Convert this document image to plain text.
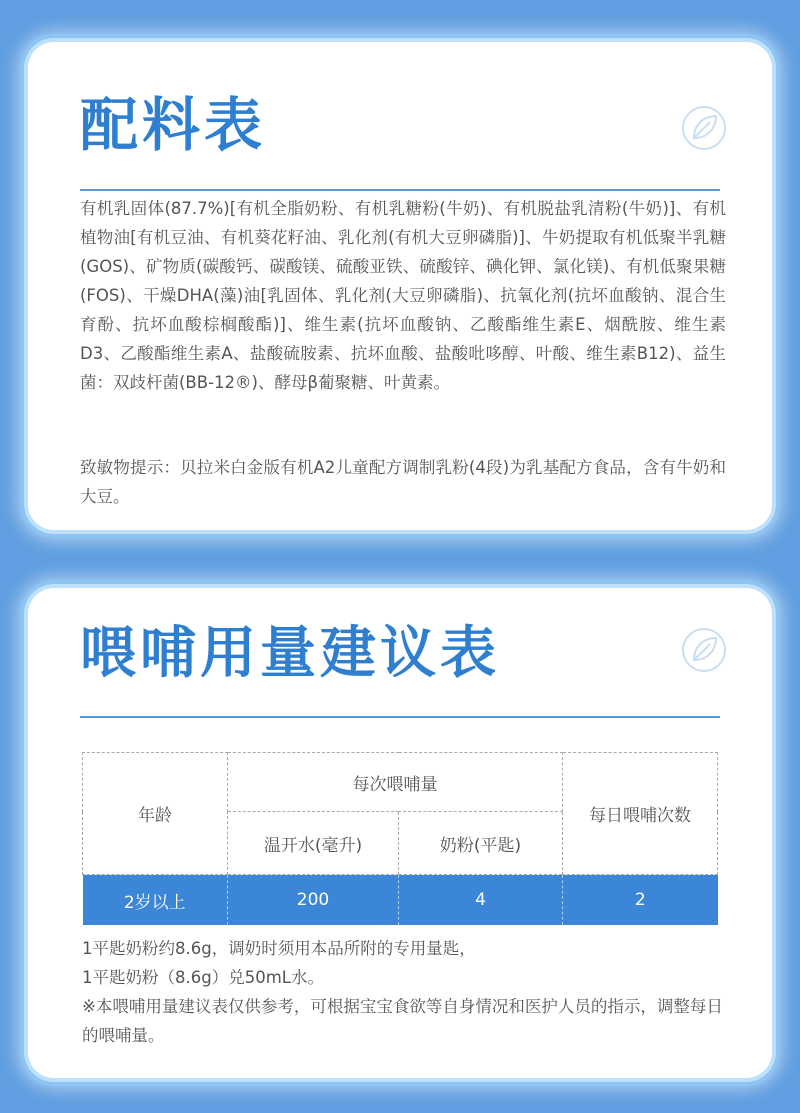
配料表

有机乳固体(87.7%)[有机全脂奶粉、有机乳糖粉(牛奶)、有机脱盐乳清粉(牛奶)]、有机植物油[有机豆油、有机葵花籽油、乳化剂(有机大豆卵磷脂)]、牛奶提取有机低聚半乳糖(GOS)、矿物质(碳酸钙、碳酸镁、硫酸亚铁、硫酸锌、碘化钾、氯化镁)、有机低聚果糖(FOS)、干燥DHA(藻)油[乳固体、乳化剂(大豆卵磷脂)、抗氧化剂(抗坏血酸钠、混合生育酚、抗坏血酸棕榈酸酯)]、维生素(抗坏血酸钠、乙酸酯维生素E、烟酰胺、维生素D3、乙酸酯维生素A、盐酸硫胺素、抗坏血酸、盐酸吡哆醇、叶酸、维生素B12)、益生菌：双歧杆菌(BB-12®)、酵母β葡聚糖、叶黄素。

致敏物提示：贝拉米白金版有机A2儿童配方调制乳粉(4段)为乳基配方食品，含有牛奶和大豆。

喂哺用量建议表
年龄	每次喂哺量		每日喂哺次数
	温开水(毫升)	奶粉(平匙)	
2岁以上	200	4	2
1平匙奶粉约8.6g，调奶时须用本品所附的专用量匙，
1平匙奶粉（8.6g）兑50mL水。
※本喂哺用量建议表仅供参考，可根据宝宝食欲等自身情况和医护人员的指示，调整每日的喂哺量。
